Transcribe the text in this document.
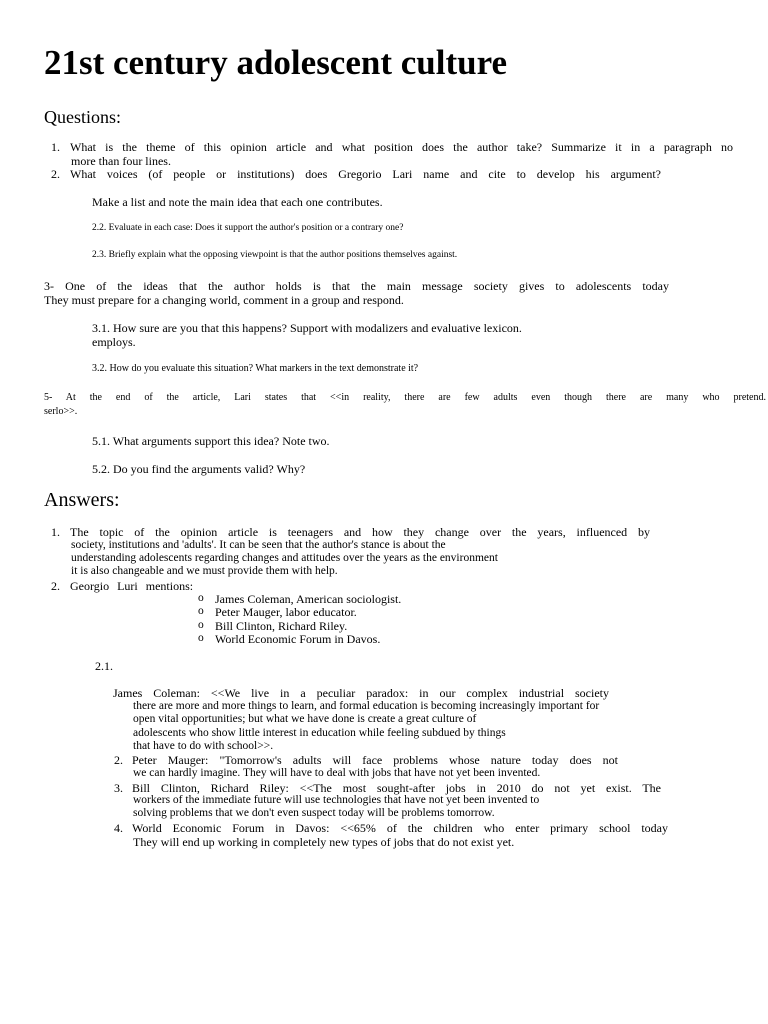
21st century adolescent culture
Questions:

1. What is the theme of this opinion article and what position does the author take? Summarize it in a paragraph no

more than four lines.

2. What voices (of people or institutions) does Gregorio Lari name and cite to develop his argument?

Make a list and note the main idea that each one contributes.

2.2. Evaluate in each case: Does it support the author's position or a contrary one?

2.3. Briefly explain what the opposing viewpoint is that the author positions themselves against.

3- One of the ideas that the author holds is that the main message society gives to adolescents today

They must prepare for a changing world, comment in a group and respond.

3.1. How sure are you that this happens? Support with modalizers and evaluative lexicon.

employs.

3.2. How do you evaluate this situation? What markers in the text demonstrate it?

5- At the end of the article, Lari states that <<in reality, there are few adults even though there are many who pretend.

serlo>>.

5.1. What arguments support this idea? Note two.

5.2. Do you find the arguments valid? Why?

Answers:

1. The topic of the opinion article is teenagers and how they change over the years, influenced by

society, institutions and 'adults'. It can be seen that the author's stance is about the

understanding adolescents regarding changes and attitudes over the years as the environment

it is also changeable and we must provide them with help.

2. Georgio Luri mentions:

o James Coleman, American sociologist.
o Peter Mauger, labor educator.
o Bill Clinton, Richard Riley.
o World Economic Forum in Davos.

2.1.

James Coleman: <<We live in a peculiar paradox: in our complex industrial society

there are more and more things to learn, and formal education is becoming increasingly important for

open vital opportunities; but what we have done is create a great culture of

adolescents who show little interest in education while feeling subdued by things

that have to do with school>>.

2. Peter Mauger: "Tomorrow's adults will face problems whose nature today does not

we can hardly imagine. They will have to deal with jobs that have not yet been invented.

3. Bill Clinton, Richard Riley: <<The most sought-after jobs in 2010 do not yet exist. The

workers of the immediate future will use technologies that have not yet been invented to

solving problems that we don't even suspect today will be problems tomorrow.

4. World Economic Forum in Davos: <<65% of the children who enter primary school today

They will end up working in completely new types of jobs that do not exist yet.
